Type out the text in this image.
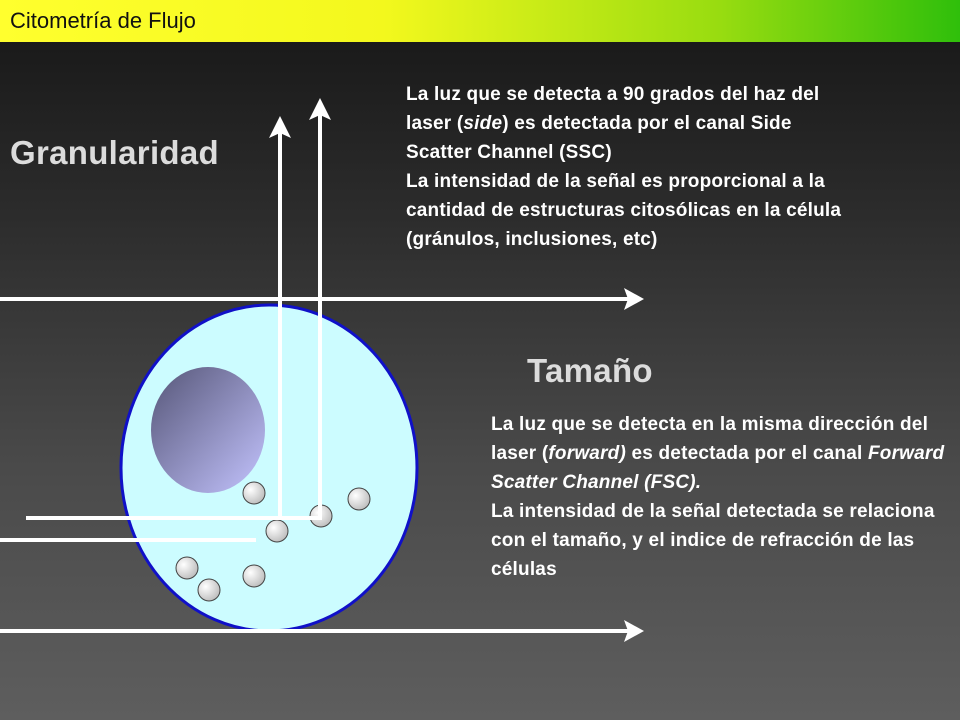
Citometría de Flujo
Granularidad

La luz que se detecta a 90 grados del haz del laser (side) es detectada por el canal Side Scatter Channel (SSC)

La intensidad de la señal es proporcional a la cantidad de estructuras citosólicas en la célula (gránulos, inclusiones, etc)

Tamaño

La luz que se detecta en la misma dirección del laser (forward) es detectada por el canal Forward Scatter Channel (FSC).

La intensidad de la señal detectada se relaciona con el tamaño, y el indice de refracción de las células
